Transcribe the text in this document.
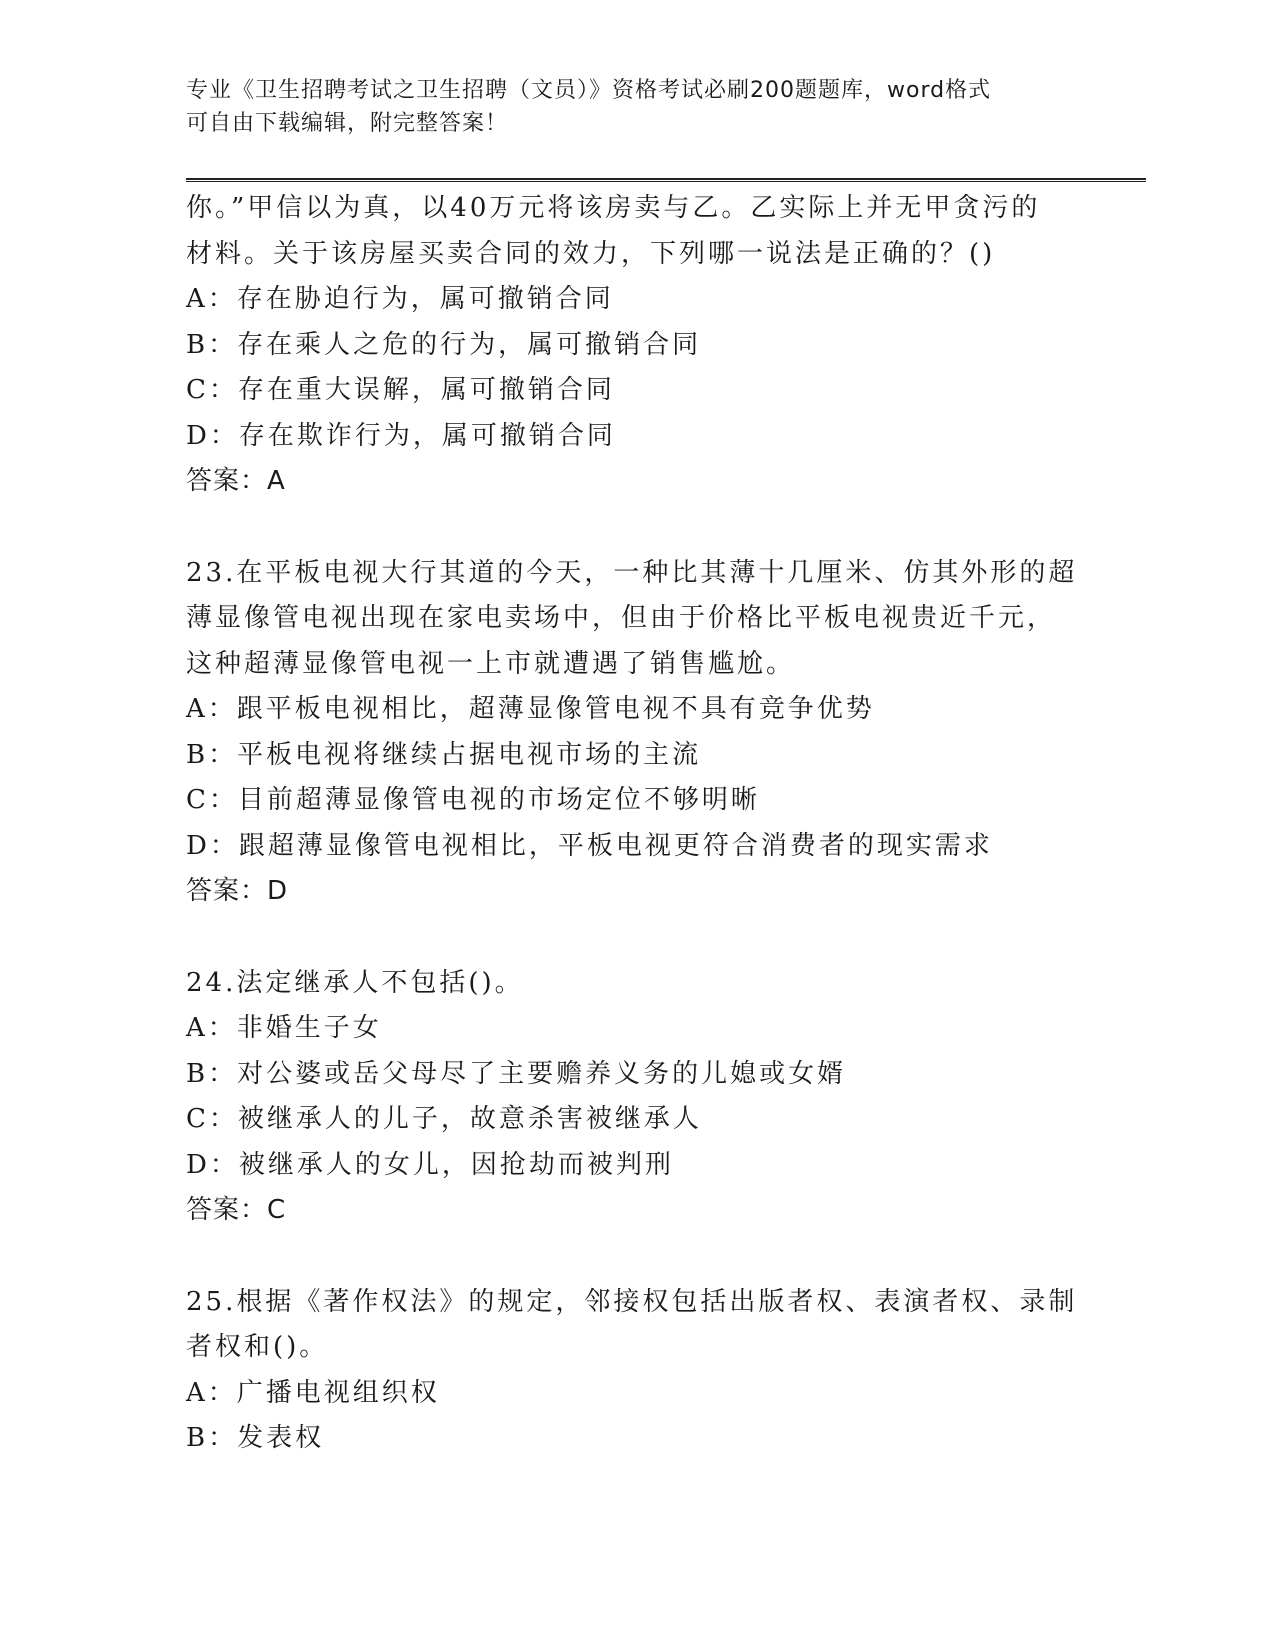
专业《卫生招聘考试之卫生招聘（文员）》资格考试必刷200题题库，word格式
可自由下载编辑，附完整答案！
你。”甲信以为真，以40万元将该房卖与乙。乙实际上并无甲贪污的
材料。关于该房屋买卖合同的效力，下列哪一说法是正确的？()
A：存在胁迫行为，属可撤销合同
B：存在乘人之危的行为，属可撤销合同
C：存在重大误解，属可撤销合同
D：存在欺诈行为，属可撤销合同
答案：A
23.在平板电视大行其道的今天，一种比其薄十几厘米、仿其外形的超
薄显像管电视出现在家电卖场中，但由于价格比平板电视贵近千元，
这种超薄显像管电视一上市就遭遇了销售尴尬。
A：跟平板电视相比，超薄显像管电视不具有竞争优势
B：平板电视将继续占据电视市场的主流
C：目前超薄显像管电视的市场定位不够明晰
D：跟超薄显像管电视相比，平板电视更符合消费者的现实需求
答案：D
24.法定继承人不包括()。
A：非婚生子女
B：对公婆或岳父母尽了主要赡养义务的儿媳或女婿
C：被继承人的儿子，故意杀害被继承人
D：被继承人的女儿，因抢劫而被判刑
答案：C
25.根据《著作权法》的规定，邻接权包括出版者权、表演者权、录制
者权和()。
A：广播电视组织权
B：发表权
